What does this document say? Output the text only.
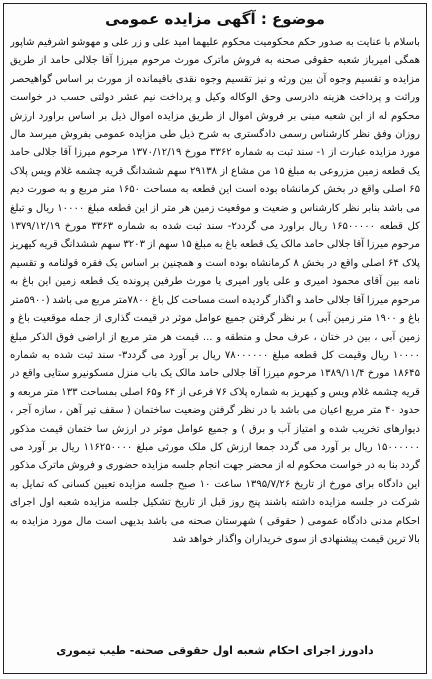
موضوع : آگهی مزایده عمومی
باسلام با عنایت به صدور حکم محکومیت محکوم علیهما امید علی و زر علی و مهوشو اشرفیم شاپور همگی امیرباز شعبه حقوقی صحنه به فروش ماترک مورث مرحوم میرزا آقا جلالی حامد از طریق مزایده و تقسیم وجوه آن بین ورثه و نیز تقسیم وجوه نقدی باقیمانده از مورث بر اساس گواهیحصر وراثت و پرداخت هزینه دادرسی وحق الوکاله وکیل و پرداخت نیم عشر دولتی حسب در خواست محکوم له از این شعبه مبنی بر فروش اموال از طریق مزایده اموال ذیل بر اساس براورد ارزش روزان وفق نظر کارشناس رسمی دادگستری به شرح ذیل طی مزایده عمومی بفروش میرسد مال مورد مزایده عبارت از ۱- سند ثبت به شماره ۳۳۶۲ مورخ ۱۳۷۰/۱۲/۱۹ مرحوم میرزا آقا جلالی حامد یک قطعه زمین مزروعی به مبلغ ۱۵ من مشاع از ۲۹۱۳۸ سهم ششدانگ قریه چشمه غلام ویس پلاک ۶۵ اصلی واقع در بخش کرمانشاه بوده است این قطعه به مساحت ۱۶۵۰ متر مربع و به صورت دیم می باشد بنابر نظر کارشناس و ضعیت و موقعیت زمین هر متر از این قطعه مبلغ ۱۰۰۰۰ ریال و تبلغ کل قطعه ۱۶۵۰۰۰۰۰ ریال براورد می گردد۲- سند ثبت شده به شماره ۳۳۶۳ مورخ ۱۳۷۹/۱۲/۱۹ مرحوم میرزا آقا جلالی حامد مالک یک قطعه باغ به مبلغ ۱۵ سهم از ۳۲۰۳ سهم ششدانگ قریه کیهریز پلاک ۶۴ اصلی واقع در بخش ۸ کرمانشاه بوده است و همچنین بر اساس یک فقره قولنامه و تقسیم نامه بین آقای محمود امیری و علی یاور امیری یا مورث طرفین پرونده یک قطعه زمین این باغ به مرحوم میرزا آقا جلالی حامد و اگذار گردیده است مساحت کل باغ ۷۸۰۰متر مربع می باشد (۵۹۰۰متر باغ و ۱۹۰۰ متر زمین آبی ) بر نظر گرفتن جمیع عوامل موثر در قیمت گذاری از جمله موقعیت باغ و زمین آبی ، بین در ختان ، عرف محل و منطقه و ... قیمت هر متر مربع از اراضی فوق الذکر مبلغ ۱۰۰۰۰ ریال وقیمت کل قطعه مبلغ ۷۸۰۰۰۰۰۰ ریال بر آورد می گردد۳- سند ثبت شده به شماره ۱۸۶۴۵ مورخ ۱۳۸۹/۱۱/۴ مرحوم میرزا آقا جلالی حامد مالک یک باب منزل مسکونیرو ستایی واقع در قریه چشمه غلام ویس و کیهریز به شماره پلاک ۷۶ فرعی از ۶۴ و۶۵ اصلی بمساحت ۱۳۳ متر مربعه و حدود ۴۰ متر مربع اعیان می باشد با در نظر گرفتن وضعیت ساختمان ( سقف تیر آهن ، سازه آجر ، دیوارهای تخریب شده و امتیاز آب و برق ) و جمیع عوامل موثر در ارزش سا ختمان قیمت مذکور ۱۵۰۰۰۰۰۰ ریال بر آورد می گردد جمعا ارزش کل ملک مورثی مبلغ ۱۱۶۲۵۰۰۰۰ ریال بر آورد می گردد بنا به در خواست محکوم له از محضر جهت انجام جلسه مزایده حضوری و فروش ماترک مذکور این دادگاه برای مورخ از تاریخ ۱۳۹۵/۷/۲۶ ساعت ۱۰ صبح جلسه مزایده تعیین کسانی که تمایل به شرکت در جلسه مزایده داشته باشند پنج روز قبل از تاریخ تشکیل جلسه مزایده شعبه اول اجرای احکام مدنی دادگاه عمومی ( حقوقی ) شهرستان صحنه می باشد بدیهی است مال مورد مزایده به بالا ترین قیمت پیشنهادی از سوی خریداران واگذار خواهد شد
دادورز اجرای احکام شعبه اول حقوقی صحنه- طیب تیموری
